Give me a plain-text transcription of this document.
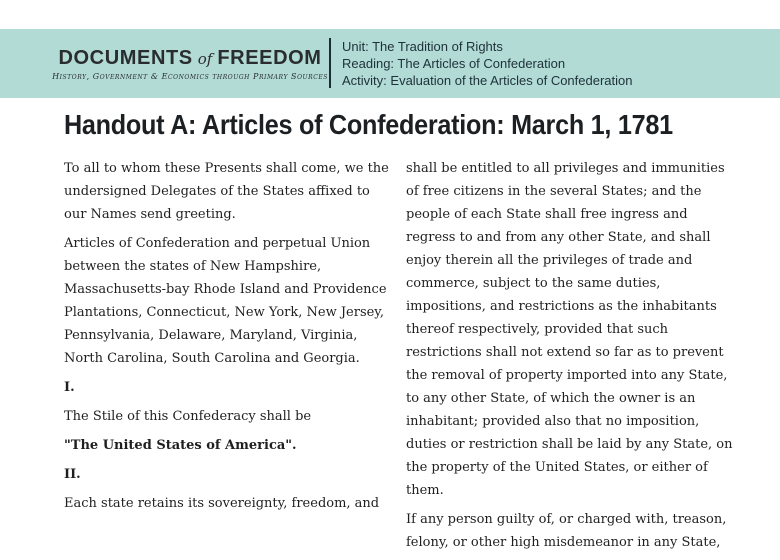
DOCUMENTS of FREEDOM
History, Government & Economics through Primary Sources
Unit: The Tradition of Rights
Reading: The Articles of Confederation
Activity: Evaluation of the Articles of Confederation
Handout A: Articles of Confederation: March 1, 1781

To all to whom these Presents shall come, we the undersigned Delegates of the States affixed to our Names send greeting.

Articles of Confederation and perpetual Union between the states of New Hampshire, Massachusetts-bay Rhode Island and Providence Plantations, Connecticut, New York, New Jersey, Pennsylvania, Delaware, Maryland, Virginia, North Carolina, South Carolina and Georgia.

I.

The Stile of this Confederacy shall be

"The United States of America".

II.

Each state retains its sovereignty, freedom, and

shall be entitled to all privileges and immunities of free citizens in the several States; and the people of each State shall free ingress and regress to and from any other State, and shall enjoy therein all the privileges of trade and commerce, subject to the same duties, impositions, and restrictions as the inhabitants thereof respectively, provided that such restrictions shall not extend so far as to prevent the removal of property imported into any State, to any other State, of which the owner is an inhabitant; provided also that no imposition, duties or restriction shall be laid by any State, on the property of the United States, or either of them.

If any person guilty of, or charged with, treason, felony, or other high misdemeanor in any State,
